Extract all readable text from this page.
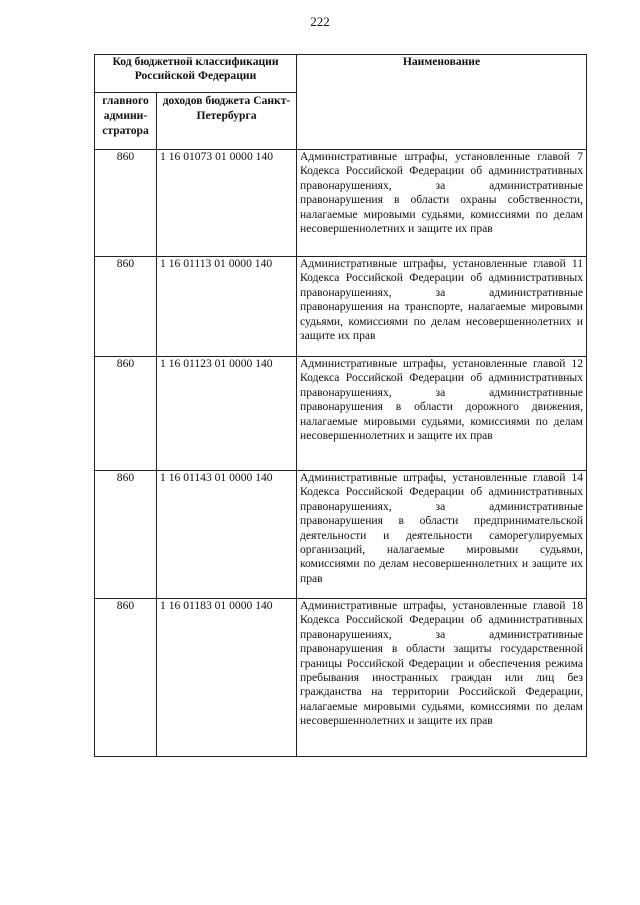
222
Код бюджетной классификации Российской Федерации		Наименование
главного админи- стратора	доходов бюджета Санкт-Петербурга	
860	1 16 01073 01 0000 140	Административные штрафы, установленные главой 7 Кодекса Российской Федерации об административных правонарушениях, за административные правонарушения в области охраны собственности, налагаемые мировыми судьями, комиссиями по делам несовершеннолетних и защите их прав
860	1 16 01113 01 0000 140	Административные штрафы, установленные главой 11 Кодекса Российской Федерации об административных правонарушениях, за административные правонарушения на транспорте, налагаемые мировыми судьями, комиссиями по делам несовершеннолетних и защите их прав
860	1 16 01123 01 0000 140	Административные штрафы, установленные главой 12 Кодекса Российской Федерации об административных правонарушениях, за административные правонарушения в области дорожного движения, налагаемые мировыми судьями, комиссиями по делам несовершеннолетних и защите их прав
860	1 16 01143 01 0000 140	Административные штрафы, установленные главой 14 Кодекса Российской Федерации об административных правонарушениях, за административные правонарушения в области предпринимательской деятельности и деятельности саморегулируемых организаций, налагаемые мировыми судьями, комиссиями по делам несовершеннолетних и защите их прав
860	1 16 01183 01 0000 140	Административные штрафы, установленные главой 18 Кодекса Российской Федерации об административных правонарушениях, за административные правонарушения в области защиты государственной границы Российской Федерации и обеспечения режима пребывания иностранных граждан или лиц без гражданства на территории Российской Федерации, налагаемые мировыми судьями, комиссиями по делам несовершеннолетних и защите их прав
